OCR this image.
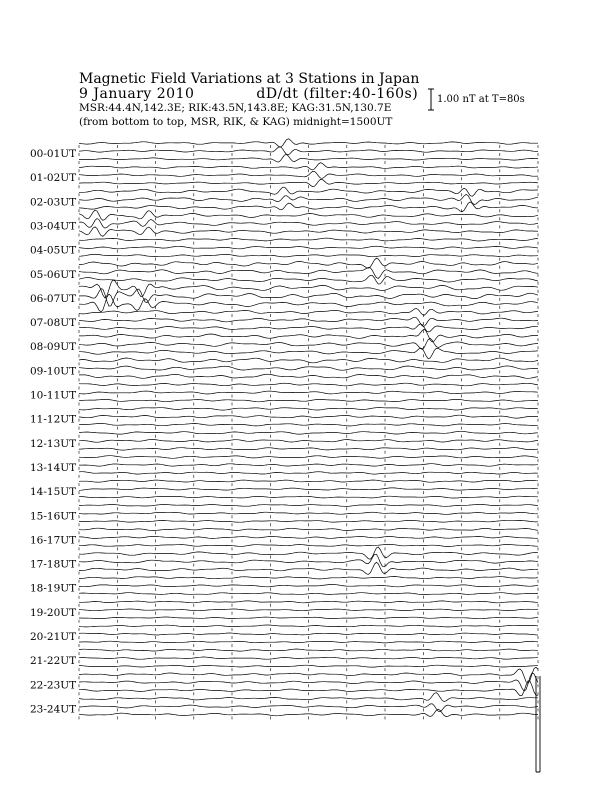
Magnetic Field Variations at 3 Stations in Japan
9 January 2010	dD/dt (filter:40-160s)
MSR:44.4N,142.3E; RIK:43.5N,143.8E; KAG:31.5N,130.7E
(from bottom to top, MSR, RIK, & KAG) midnight=1500UT
1.00 nT at T=80s
00-01UT
01-02UT
02-03UT
03-04UT
04-05UT
05-06UT
06-07UT
07-08UT
08-09UT
09-10UT
10-11UT
11-12UT
12-13UT
13-14UT
14-15UT
15-16UT
16-17UT
17-18UT
18-19UT
19-20UT
20-21UT
21-22UT
22-23UT
23-24UT
